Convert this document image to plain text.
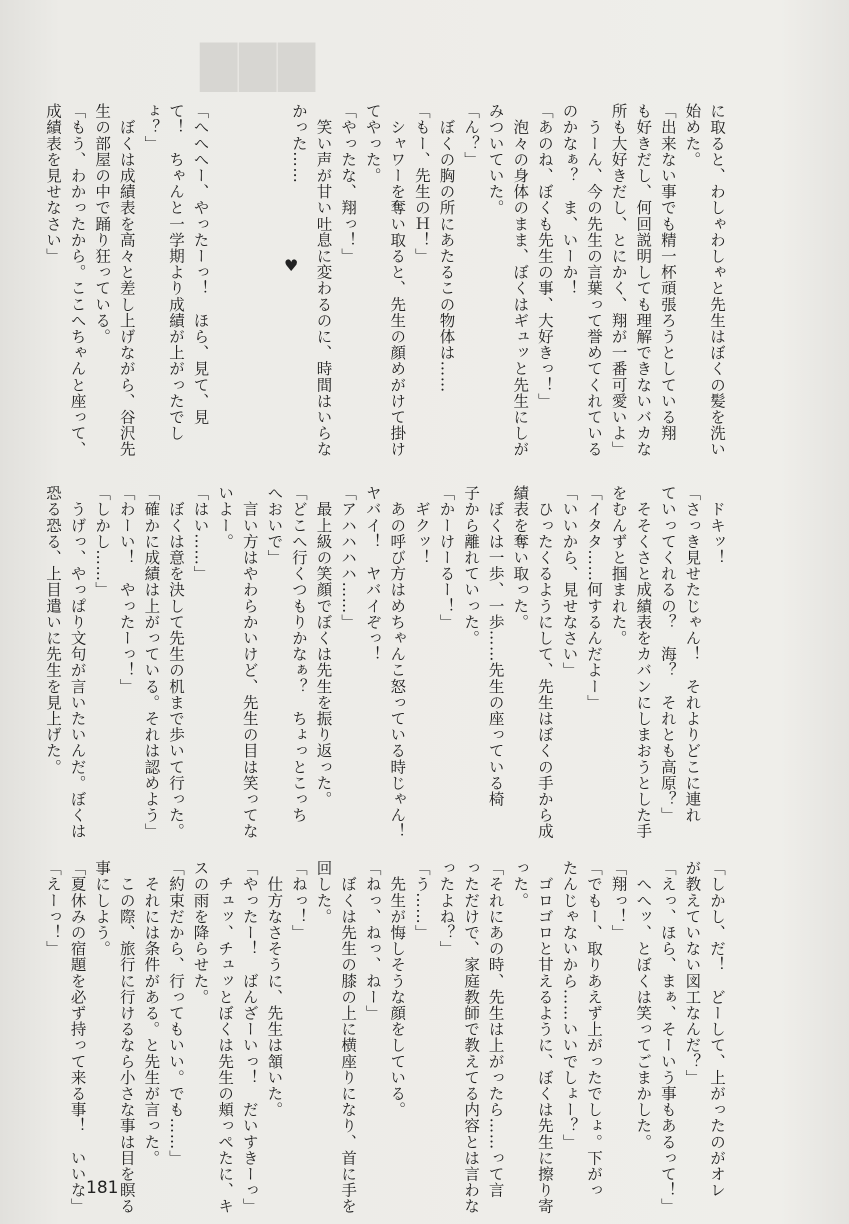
▇▇▇
に取ると、わしゃわしゃと先生はぼくの髪を洗い
始めた。
「出来ない事でも精一杯頑張ろうとしている翔
も好きだし、何回説明しても理解できないバカな
所も大好きだし、とにかく、翔が一番可愛いよ」
　うーん、今の先生の言葉って誉めてくれている
のかなぁ？　ま、いーか！
「あのね、ぼくも先生の事、大好きっ！」
　泡々の身体のまま、ぼくはギュッと先生にしが
みついていた。
「ん？」
　ぼくの胸の所にあたるこの物体は……
「もー、先生のＨ！」
　シャワーを奪い取ると、先生の顔めがけて掛け
てやった。
「やったな、翔っ！」
　笑い声が甘い吐息に変わるのに、時間はいらな
かった……

「へへへー、やったーっ！　ほら、見て、見
て！　ちゃんと一学期より成績が上がったでし
ょ？」
　ぼくは成績表を高々と差し上げながら、谷沢先
生の部屋の中で踊り狂っている。
「もう、わかったから。ここへちゃんと座って、
成績表を見せなさい」
♥
　ドキッ！
「さっき見せたじゃん！　それよりどこに連れ
ていってくれるの？　海？　それとも高原？」
　そそくさと成績表をカバンにしまおうとした手
をむんずと掴まれた。
「イタタ……何するんだよー」
「いいから、見せなさい」
　ひったくるようにして、先生はぼくの手から成
績表を奪い取った。
　ぼくは一歩、一歩……先生の座っている椅
子から離れていった。
「かーけーるー！」
　ギクッ！
　あの呼び方はめちゃんこ怒っている時じゃん！
ヤバイ！　ヤバイぞっ！
「アハハハハ……」
　最上級の笑顔でぼくは先生を振り返った。
「どこへ行くつもりかなぁ？　ちょっとこっち
へおいで」
　言い方はやわらかいけど、先生の目は笑ってな
いよー。
「はい……」
　ぼくは意を決して先生の机まで歩いて行った。
「確かに成績は上がっている。それは認めよう」
「わーい！　やったーっ！」
「しかし……」
　うげっ、やっぱり文句が言いたいんだ。ぼくは
恐る恐る、上目遣いに先生を見上げた。
「しかし、だ！　どーして、上がったのがオレ
が教えていない図工なんだ？」
「えっ、ほら、まぁ、そーいう事もあるって！」
　へへッ、とぼくは笑ってごまかした。
「翔っ！」
「でもー、取りあえず上がったでしょ。下がっ
たんじゃないから……いいでしょー？」
　ゴロゴロと甘えるように、ぼくは先生に擦り寄
った。
「それにあの時、先生は上がったら……って言
っただけで、家庭教師で教えてる内容とは言わな
ったよね？」
「う……」
　先生が悔しそうな顔をしている。
「ねっ、ねっ、ねー」
　ぼくは先生の膝の上に横座りになり、首に手を
回した。
「ねっ！」
　仕方なさそうに、先生は頷いた。
「やったー！　ばんざーいっ！　だいすきーっ」
　チュッ、チュッとぼくは先生の頬っぺたに、キ
スの雨を降らせた。
「約束だから、行ってもいい。でも……」
　それには条件がある。と先生が言った。
　この際、旅行に行けるなら小さな事は目を瞑る
事にしよう。
「夏休みの宿題を必ず持って来る事！　いいな」
「えーっ！」
181
